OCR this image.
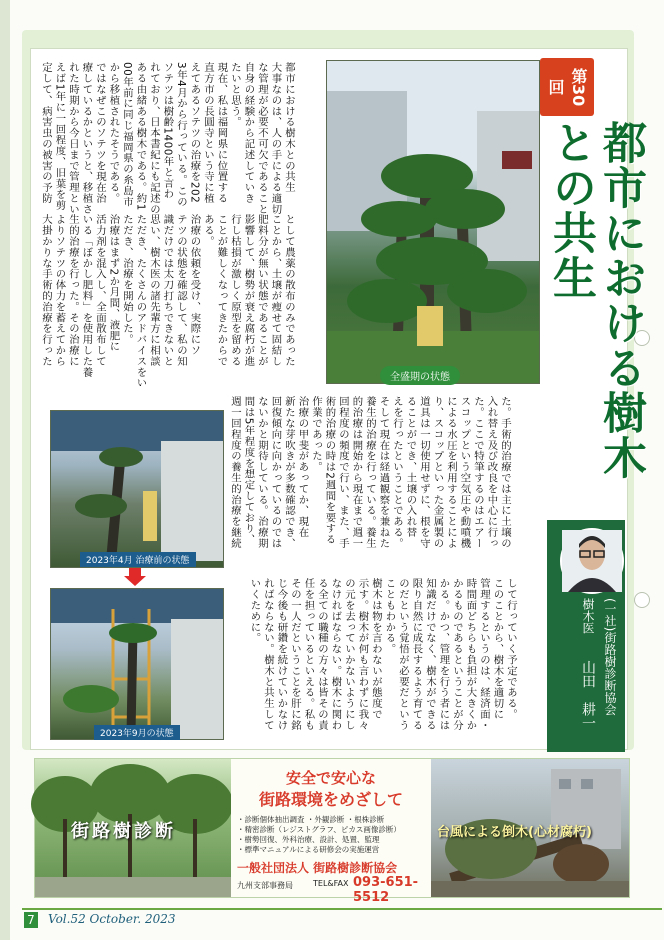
第30回
都市における樹木との共生
全盛期の状態

都市における樹木との共生
大事なのは、人の手による適切
な管理が必要不可欠であること
自身の経験から記述していき
たいと思う。
現在、私は福岡県に位置する
直方市の長圓寺という寺に植
えてあるソテツの治療を202
3年4月から行っている。この
ソテツは樹齢1400年と言わ
れており、日本書紀にも記述の
ある由緒ある樹木である。約1
00年前に同じ福岡県の糸島市
から移植されたそうである。
ではなぜこのソテツを現在治
療しているかというと、移植さ
れた時期から今日まで管理とい
えば1年に一回程度、旧葉を剪
定して、病害虫の被害の予防

として農薬の散布のみであった
ことから、土壌が痩せて固結し
肥料分が無い状態であることが
影響して、樹勢が衰え腐朽が進
行し枯損が激しく原型を留める
ことが難しくなってきたからで
ある。
治療の依頼を受け、実際にソ
テツの状態を確認して、私の知
識だけでは太刀打ちできないと
思い、樹木医の諸先輩方に相談
ただき、たくさんのアドバイスをい
ただき、治療を開始した。
治療はまず2か月間、液肥に
活力剤を混入し、全面散布して
いる「ぼかし肥料」を使用した養
生的治療を行った。その治療に
よりソテツの体力を蓄えてから
大掛かりな手術的治療を行った

2023年4月 治療前の状態
2023年9月の状態

た。手術的治療では主に土壌の
入れ替え及び改良を中心に行っ
た。ここで特筆するのはエアー
スコップという空気圧や動噴機
による水圧を利用することによ
り、スコップといった金属製の
道具は一切使用せずに、根を守
ることができ、土壌の入れ替
えを行ったということである。
そして現在は経過観察を兼ねた
養生的治療を行っている。養生
的治療は開始から現在まで週一
回程度の頻度で行い、また、手
術的治療の時は2週間を要する
作業であった。
治療の甲斐があってか、現在
新たな芽吹きが多数確認でき、
回復傾向に向かっているのでは
ないかと期待している。治療期
間は5年程度を想定しており、
週一回程度の養生的治療を継続

して行っていく予定である。
このことから、樹木を適切に
管理するというのは、経済面・
時間面どちらも負担が大きくか
かるものであるということが分
かる。かつ、管理を行う者には
知識だけでなく、樹木ができる
限り自然に成長するよう育てる
のだという覚悟が必要だという
こともわかる。
樹木は物を言わないが態度で
示す。樹木が何も言わずに我々
の元を去っていかないようにし
なければならない。樹木に関わ
る全ての職種の方々は皆その責
任を担っているといえる。私も
その一人だということを肝に銘
じ今後も研鑽を続けていかなけ
ればならない。樹木と共生して
いくために。

	(一社)街路樹診断協会
樹木医
山田　耕一
街路樹診断
安全で安心な
街路環境をめざして
・診断個体抽出調査 ・外観診断 ・根株診断
・精密診断（レジストグラフ、ピカス画像診断）
・樹勢回復、外科治療、設計、処置、監理
・標準マニュアルによる研修会の実施運営
一般社団法人 街路樹診断協会
九州支部事務局	TEL&FAX 093-651-5512
台風による倒木(心材腐朽)
7 Vol.52 October. 2023
